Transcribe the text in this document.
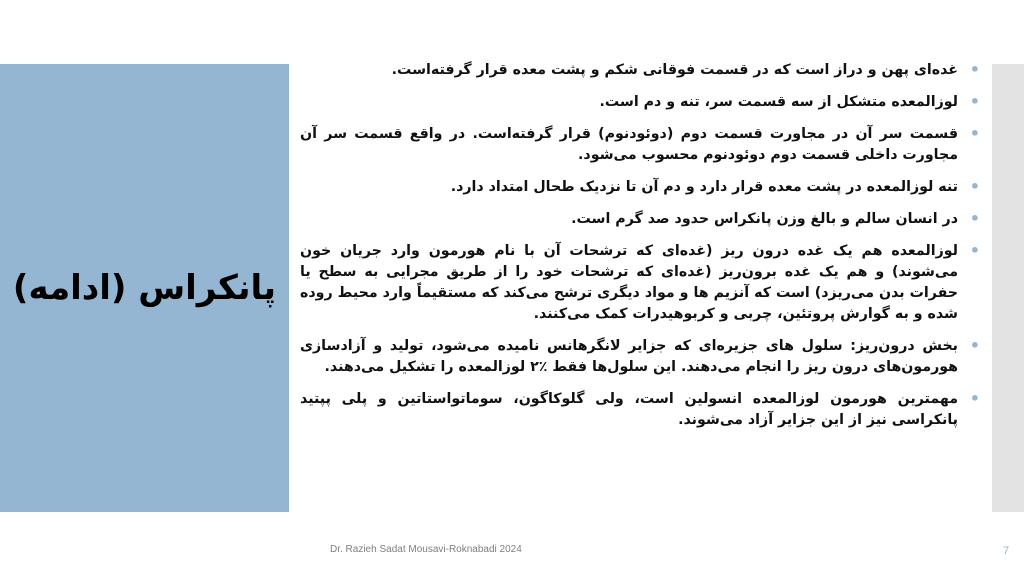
پانکراس (ادامه)
•
غده‌ای پهن و دراز است که در قسمت فوقانی شکم و پشت معده قرار گرفته‌است.
•
لوزالمعده متشکل از سه قسمت سر، تنه و دم است.
•
قسمت سر آن در مجاورت قسمت دوم (دوئودنوم) قرار گرفته‌است. در واقع قسمت سر آن مجاورت داخلی قسمت دوم دوئودنوم محسوب می‌شود.
•
تنه لوزالمعده در پشت معده قرار دارد و دم آن تا نزدیک طحال امتداد دارد.
•
در انسان سالم و بالغ وزن پانکراس حدود صد گرم است.
•
لوزالمعده هم یک غده درون ریز (غده‌ای که ترشحات آن با نام هورمون وارد جریان خون می‌شوند) و هم یک غده برون‌ریز (غده‌ای که ترشحات خود را از طریق مجرایی به سطح یا حفرات بدن می‌ریزد) است که آنزیم ها و مواد دیگری ترشح می‌کند که مستقیماً وارد محیط روده شده و به گوارش پروتئین، چربی و کربوهیدرات کمک می‌کنند.
•
بخش درون‌ریز: سلول های جزیره‌ای که جزایر لانگرهانس نامیده می‌شود، تولید و آزادسازی هورمون‌های درون ریز را انجام می‌دهند. این سلول‌ها فقط ٪۲ لوزالمعده را تشکیل می‌دهند.
•
مهمترین هورمون لوزالمعده انسولین است، ولی گلوکاگون، سوماتواستاتین و پلی پپتید پانکراسی نیز از این جزایر آزاد می‌شوند.
Dr. Razieh Sadat Mousavi-Roknabadi 2024	7
